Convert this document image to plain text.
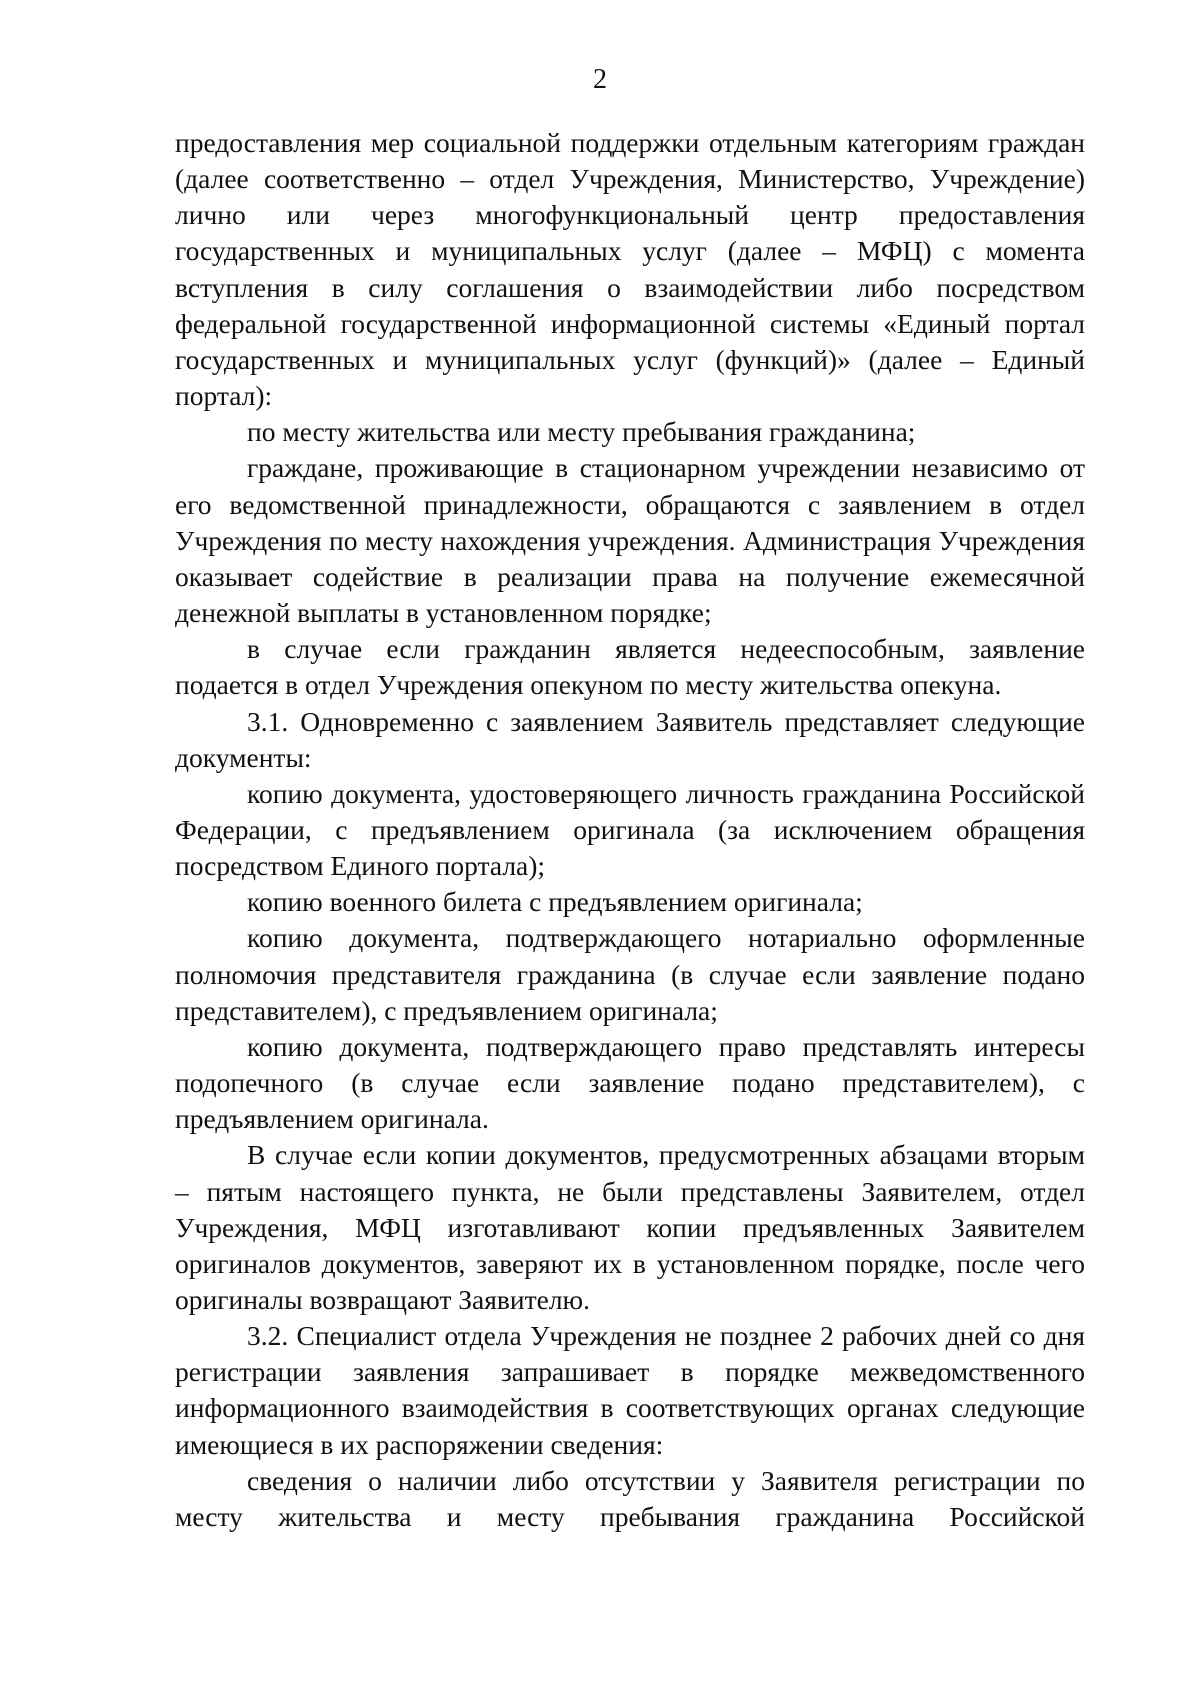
2

предоставления мер социальной поддержки отдельным категориям граждан (далее соответственно – отдел Учреждения, Министерство, Учреждение) лично или через многофункциональный центр предоставления государственных и муниципальных услуг (далее – МФЦ) с момента вступления в силу соглашения о взаимодействии либо посредством федеральной государственной информационной системы «Единый портал государственных и муниципальных услуг (функций)» (далее – Единый портал):

по месту жительства или месту пребывания гражданина;

граждане, проживающие в стационарном учреждении независимо от его ведомственной принадлежности, обращаются с заявлением в отдел Учреждения по месту нахождения учреждения. Администрация Учреждения оказывает содействие в реализации права на получение ежемесячной денежной выплаты в установленном порядке;

в случае если гражданин является недееспособным, заявление подается в отдел Учреждения опекуном по месту жительства опекуна.

3.1. Одновременно с заявлением Заявитель представляет следующие документы:

копию документа, удостоверяющего личность гражданина Российской Федерации, с предъявлением оригинала (за исключением обращения посредством Единого портала);

копию военного билета с предъявлением оригинала;

копию документа, подтверждающего нотариально оформленные полномочия представителя гражданина (в случае если заявление подано представителем), с предъявлением оригинала;

копию документа, подтверждающего право представлять интересы подопечного (в случае если заявление подано представителем), с предъявлением оригинала.

В случае если копии документов, предусмотренных абзацами вторым – пятым настоящего пункта, не были представлены Заявителем, отдел Учреждения, МФЦ изготавливают копии предъявленных Заявителем оригиналов документов, заверяют их в установленном порядке, после чего оригиналы возвращают Заявителю.

3.2. Специалист отдела Учреждения не позднее 2 рабочих дней со дня регистрации заявления запрашивает в порядке межведомственного информационного взаимодействия в соответствующих органах следующие имеющиеся в их распоряжении сведения:

сведения о наличии либо отсутствии у Заявителя регистрации по месту жительства и месту пребывания гражданина Российской
